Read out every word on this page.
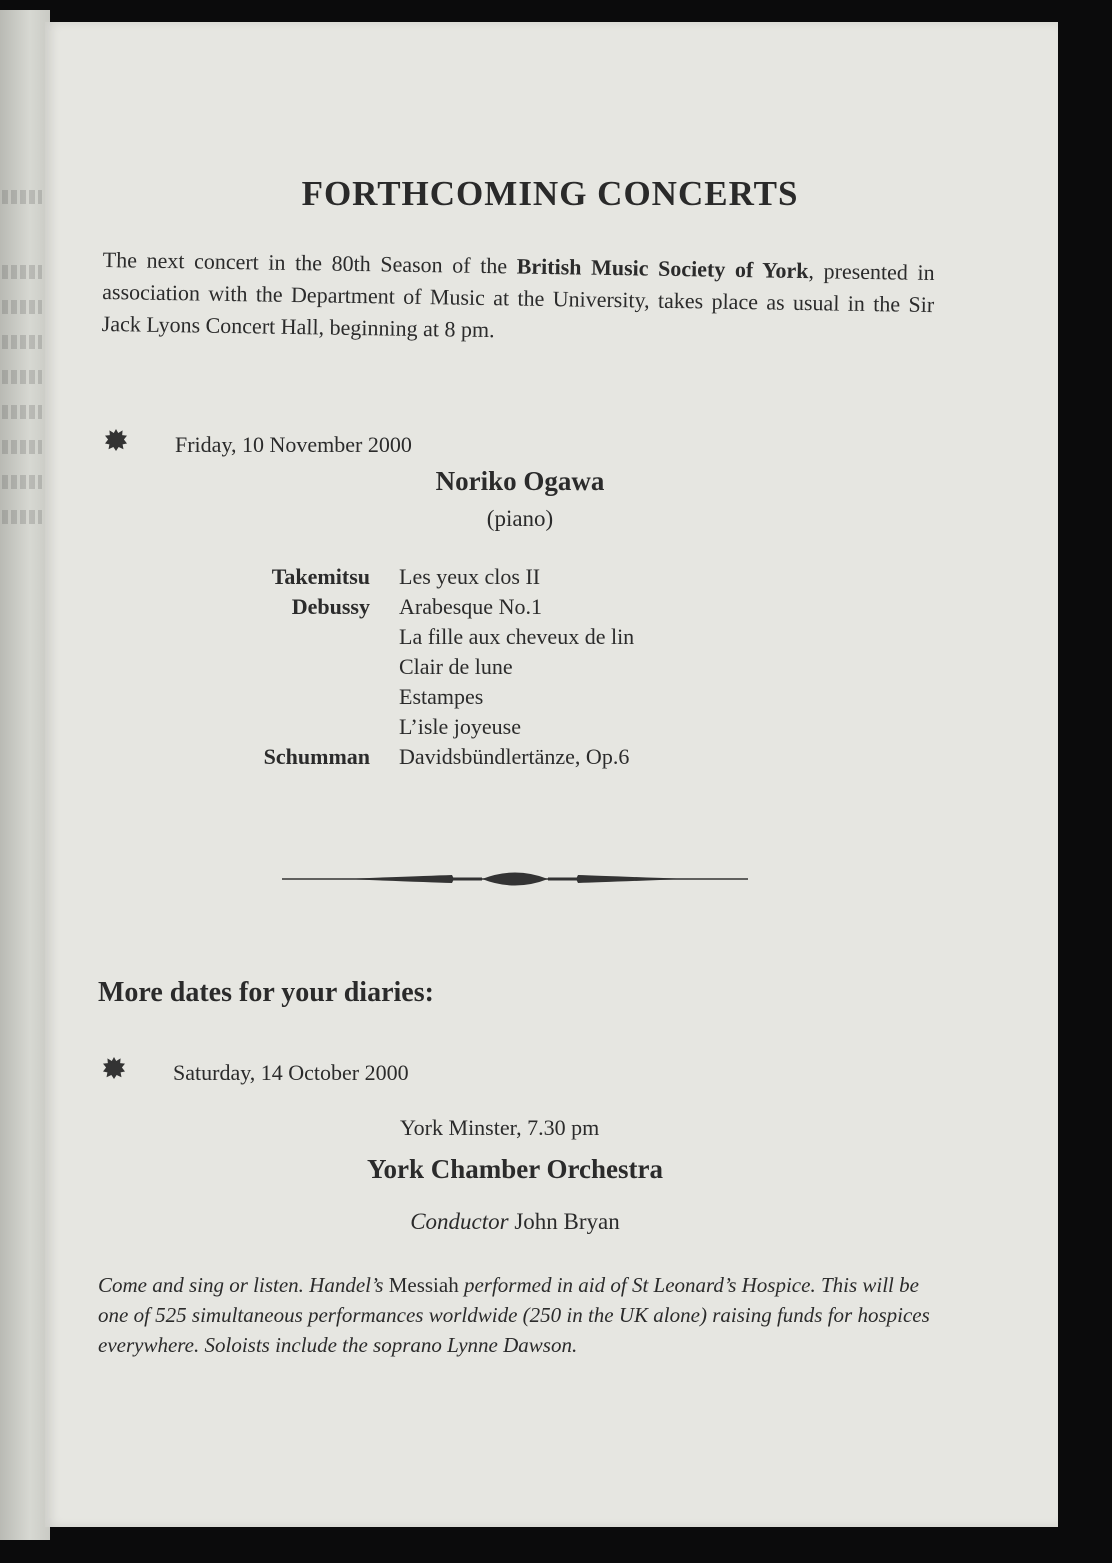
FORTHCOMING CONCERTS
The next concert in the 80th Season of the British Music Society of York, presented in association with the Department of Music at the University, takes place as usual in the Sir Jack Lyons Concert Hall, beginning at 8 pm.
Friday, 10 November 2000
Noriko Ogawa
(piano)
Takemitsu Les yeux clos II
Debussy Arabesque No.1
La fille aux cheveux de lin
Clair de lune
Estampes
L’isle joyeuse
Schumman Davidsbündlertänze, Op.6
More dates for your diaries:
Saturday, 14 October 2000
York Minster, 7.30 pm
York Chamber Orchestra
Conductor John Bryan
Come and sing or listen. Handel’s Messiah performed in aid of St Leonard’s Hospice. This will be one of 525 simultaneous performances worldwide (250 in the UK alone) raising funds for hospices everywhere. Soloists include the soprano Lynne Dawson.
